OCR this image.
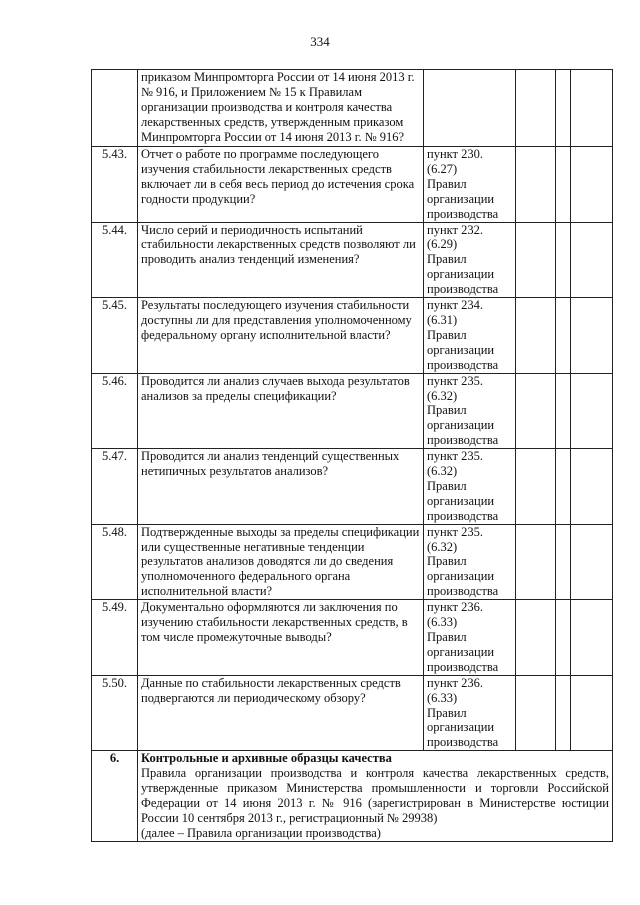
334
	приказом Минпромторга России от 14 июня 2013 г. № 916, и Приложением № 15 к Правилам организации производства и контроля качества лекарственных средств, утвержденным приказом Минпромторга России от 14 июня 2013 г. № 916?				
5.43.	Отчет о работе по программе последующего изучения стабильности лекарственных средств включает ли в себя весь период до истечения срока годности продукции?	пункт 230.
(6.27)
Правил
организации
производства			

5.44.	Число серий и периодичность испытаний стабильности лекарственных средств позволяют ли проводить анализ тенденций изменения?	пункт 232.
(6.29)
Правил
организации
производства			

5.45.	Результаты последующего изучения стабильности доступны ли для представления уполномоченному федеральному органу исполнительной власти?	пункт 234.
(6.31)
Правил
организации
производства			

5.46.	Проводится ли анализ случаев выхода результатов анализов за пределы спецификации?	пункт 235.
(6.32)
Правил
организации
производства			

5.47.	Проводится ли анализ тенденций существенных нетипичных результатов анализов?	пункт 235.
(6.32)
Правил
организации
производства			

5.48.	Подтвержденные выходы за пределы спецификации или существенные негативные тенденции результатов анализов доводятся ли до сведения уполномоченного федерального органа исполнительной власти?	пункт 235.
(6.32)
Правил
организации
производства			

5.49.	Документально оформляются ли заключения по изучению стабильности лекарственных средств, в том числе промежуточные выводы?	пункт 236.
(6.33)
Правил
организации
производства			

5.50.	Данные по стабильности лекарственных средств подвергаются ли периодическому обзору?	пункт 236.
(6.33)
Правил
организации
производства			

6.	Контрольные и архивные образцы качества
Правила организации производства и контроля качества лекарственных средств, утвержденные приказом Министерства промышленности и торговли Российской Федерации от 14 июня 2013 г. № 916 (зарегистрирован в Министерстве юстиции России 10 сентября 2013 г., регистрационный № 29938)
(далее – Правила организации производства)				
